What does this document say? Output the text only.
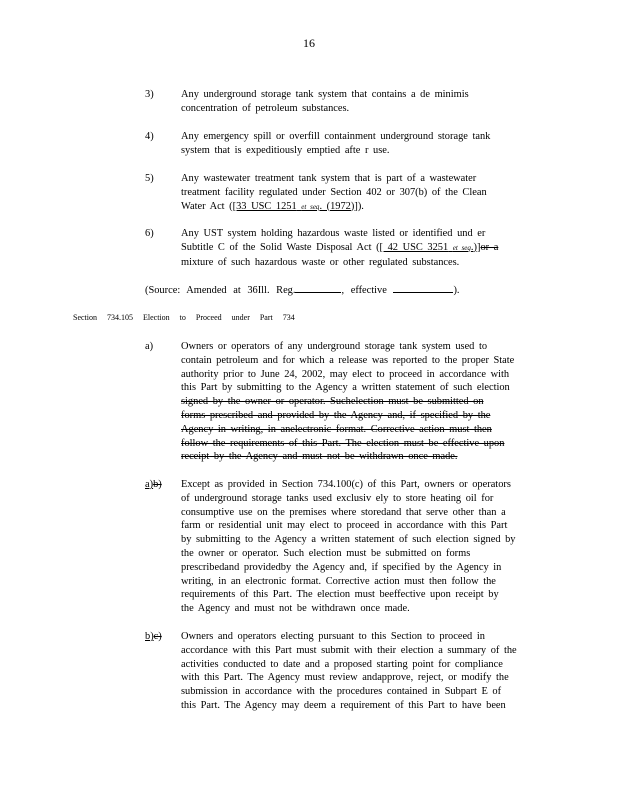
16
3)	Any underground storage tank system that contains a de minimis
concentration of petroleum substances.
4)	Any emergency spill or overfill containment underground storage tank
system that is expeditiously emptied afte r use.
5)	Any wastewater treatment tank system that is part of a wastewater
treatment facility regulated under Section 402 or 307(b) of the Clean
Water Act ([33 USC 1251 et seq. (1972)]).
6)	Any UST system holding hazardous waste listed or identified und er
Subtitle C of the Solid Waste Disposal Act ([ 42 USC 3251 et seq.)]or a
mixture of such hazardous waste or other regulated substances.
(Source: Amended at 36Ill. Reg.	, effective	).
Section 734.105 Election to Proceed under Part 734
a)	Owners or operators of any underground storage tank system used to
contain petroleum and for which a release was reported to the proper State
authority prior to June 24, 2002, may elect to proceed in accordance with
this Part by submitting to the Agency a written statement of such election
signed by the owner or operator. Suchelection must be submitted on
forms prescribed and provided by the Agency and, if specified by the
Agency in writing, in anelectronic format. Corrective action must then
follow the requirements of this Part. The election must be effective upon
receipt by the Agency and must not be withdrawn once made.
a)b)	Except as provided in Section 734.100(c) of this Part, owners or operators
of underground storage tanks used exclusiv ely to store heating oil for
consumptive use on the premises where storedand that serve other than a
farm or residential unit may elect to proceed in accordance with this Part
by submitting to the Agency a written statement of such election signed by
the owner or operator. Such election must be submitted on forms
prescribedand providedby the Agency and, if specified by the Agency in
writing, in an electronic format. Corrective action must then follow the
requirements of this Part. The election must beeffective upon receipt by
the Agency and must not be withdrawn once made.
b)c)	Owners and operators electing pursuant to this Section to proceed in
accordance with this Part must submit with their election a summary of the
activities conducted to date and a proposed starting point for compliance
with this Part. The Agency must review andapprove, reject, or modify the
submission in accordance with the procedures contained in Subpart E of
this Part. The Agency may deem a requirement of this Part to have been
